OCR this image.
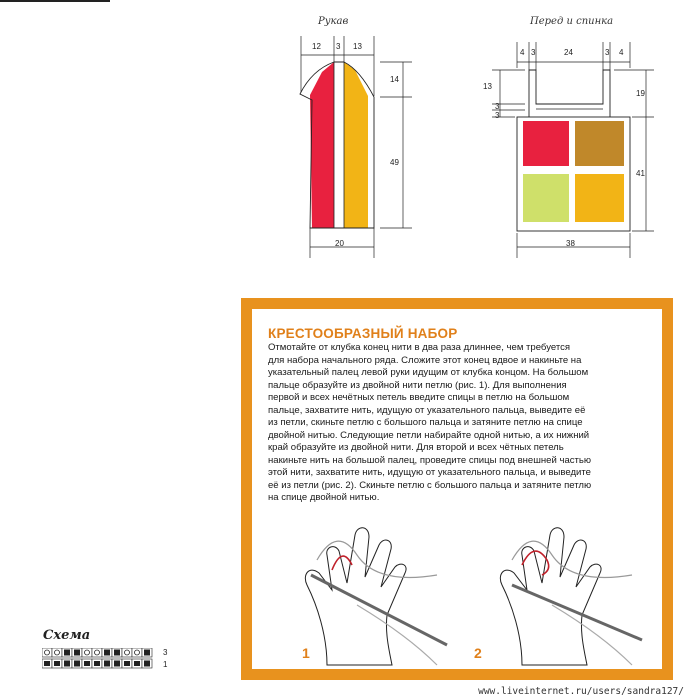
Рукав	Перед и спинка
12 3 13
14
49
20
4 3	24	3 4
13
3
3
19
41
38
КРЕСТООБРАЗНЫЙ НАБОР
Отмотайте от клубка конец нити в два раза длиннее, чем требуется
для набора начального ряда. Сложите этот конец вдвое и накиньте на
указательный палец левой руки идущим от клубка концом. На большом
пальце образуйте из двойной нити петлю (рис. 1). Для выполнения
первой и всех нечётных петель введите спицы в петлю на большом
пальце, захватите нить, идущую от указательного пальца, выведите её
из петли, скиньте петлю с большого пальца и затяните петлю на спице
двойной нитью. Следующие петли набирайте одной нитью, а их нижний
край образуйте из двойной нити. Для второй и всех чётных петель
накиньте нить на большой палец, проведите спицы под внешней частью
этой нити, захватите нить, идущую от указательного пальца, и выведите
её из петли (рис. 2). Скиньте петлю с большого пальца и затяните петлю
на спице двойной нитью.
1	2
Схема
3
1
www.liveinternet.ru/users/sandra127/
